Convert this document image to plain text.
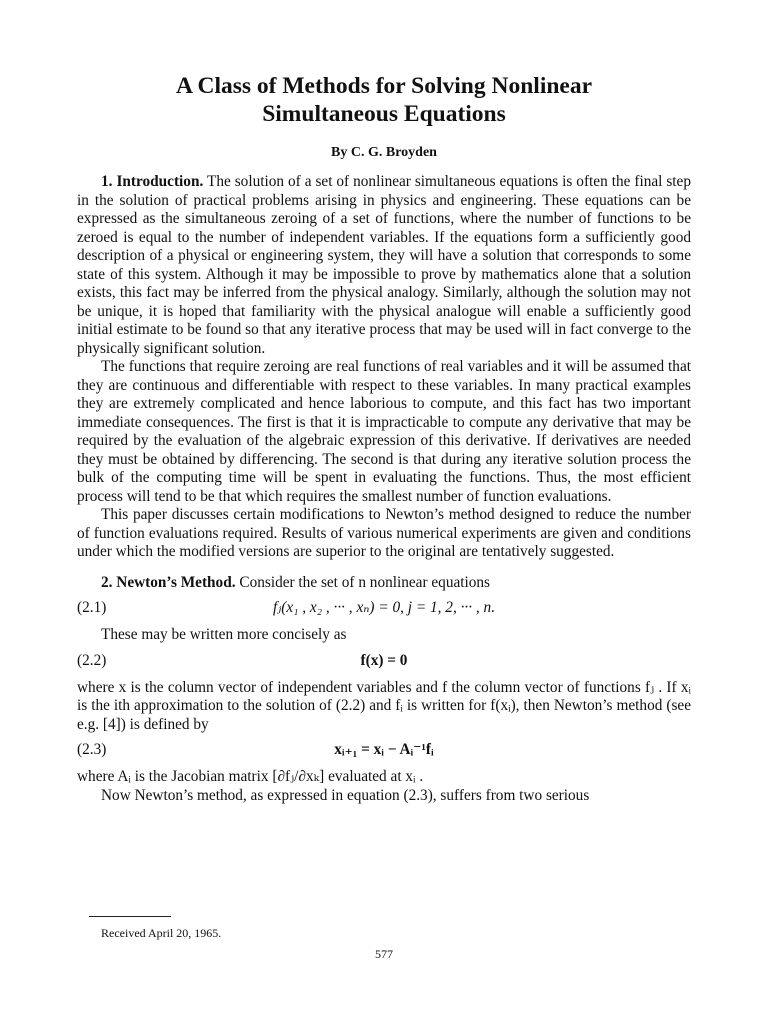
A Class of Methods for Solving Nonlinear
Simultaneous Equations
By C. G. Broyden

1. Introduction. The solution of a set of nonlinear simultaneous equations is often the final step in the solution of practical problems arising in physics and engineering. These equations can be expressed as the simultaneous zeroing of a set of functions, where the number of functions to be zeroed is equal to the number of independent variables. If the equations form a sufficiently good description of a physical or engineering system, they will have a solution that corresponds to some state of this system. Although it may be impossible to prove by mathematics alone that a solution exists, this fact may be inferred from the physical analogy. Similarly, although the solution may not be unique, it is hoped that familiarity with the physical analogue will enable a sufficiently good initial estimate to be found so that any iterative process that may be used will in fact converge to the physically significant solution.

The functions that require zeroing are real functions of real variables and it will be assumed that they are continuous and differentiable with respect to these variables. In many practical examples they are extremely complicated and hence laborious to compute, and this fact has two important immediate consequences. The first is that it is impracticable to compute any derivative that may be required by the evaluation of the algebraic expression of this derivative. If derivatives are needed they must be obtained by differencing. The second is that during any iterative solution process the bulk of the computing time will be spent in evaluating the functions. Thus, the most efficient process will tend to be that which requires the smallest number of function evaluations.

This paper discusses certain modifications to Newton’s method designed to reduce the number of function evaluations required. Results of various numerical experiments are given and conditions under which the modified versions are superior to the original are tentatively suggested.

2. Newton’s Method. Consider the set of n nonlinear equations

(2.1)	fⱼ(x₁ , x₂ , ··· , xₙ) = 0, j = 1, 2, ··· , n.

These may be written more concisely as

(2.2)	f(x) = 0

where x is the column vector of independent variables and f the column vector of functions fⱼ . If xᵢ is the ith approximation to the solution of (2.2) and fᵢ is written for f(xᵢ), then Newton’s method (see e.g. [4]) is defined by

(2.3)	xᵢ₊₁ = xᵢ − Aᵢ⁻¹fᵢ

where Aᵢ is the Jacobian matrix [∂fⱼ/∂xₖ] evaluated at xᵢ .

Now Newton’s method, as expressed in equation (2.3), suffers from two serious

Received April 20, 1965.
577
